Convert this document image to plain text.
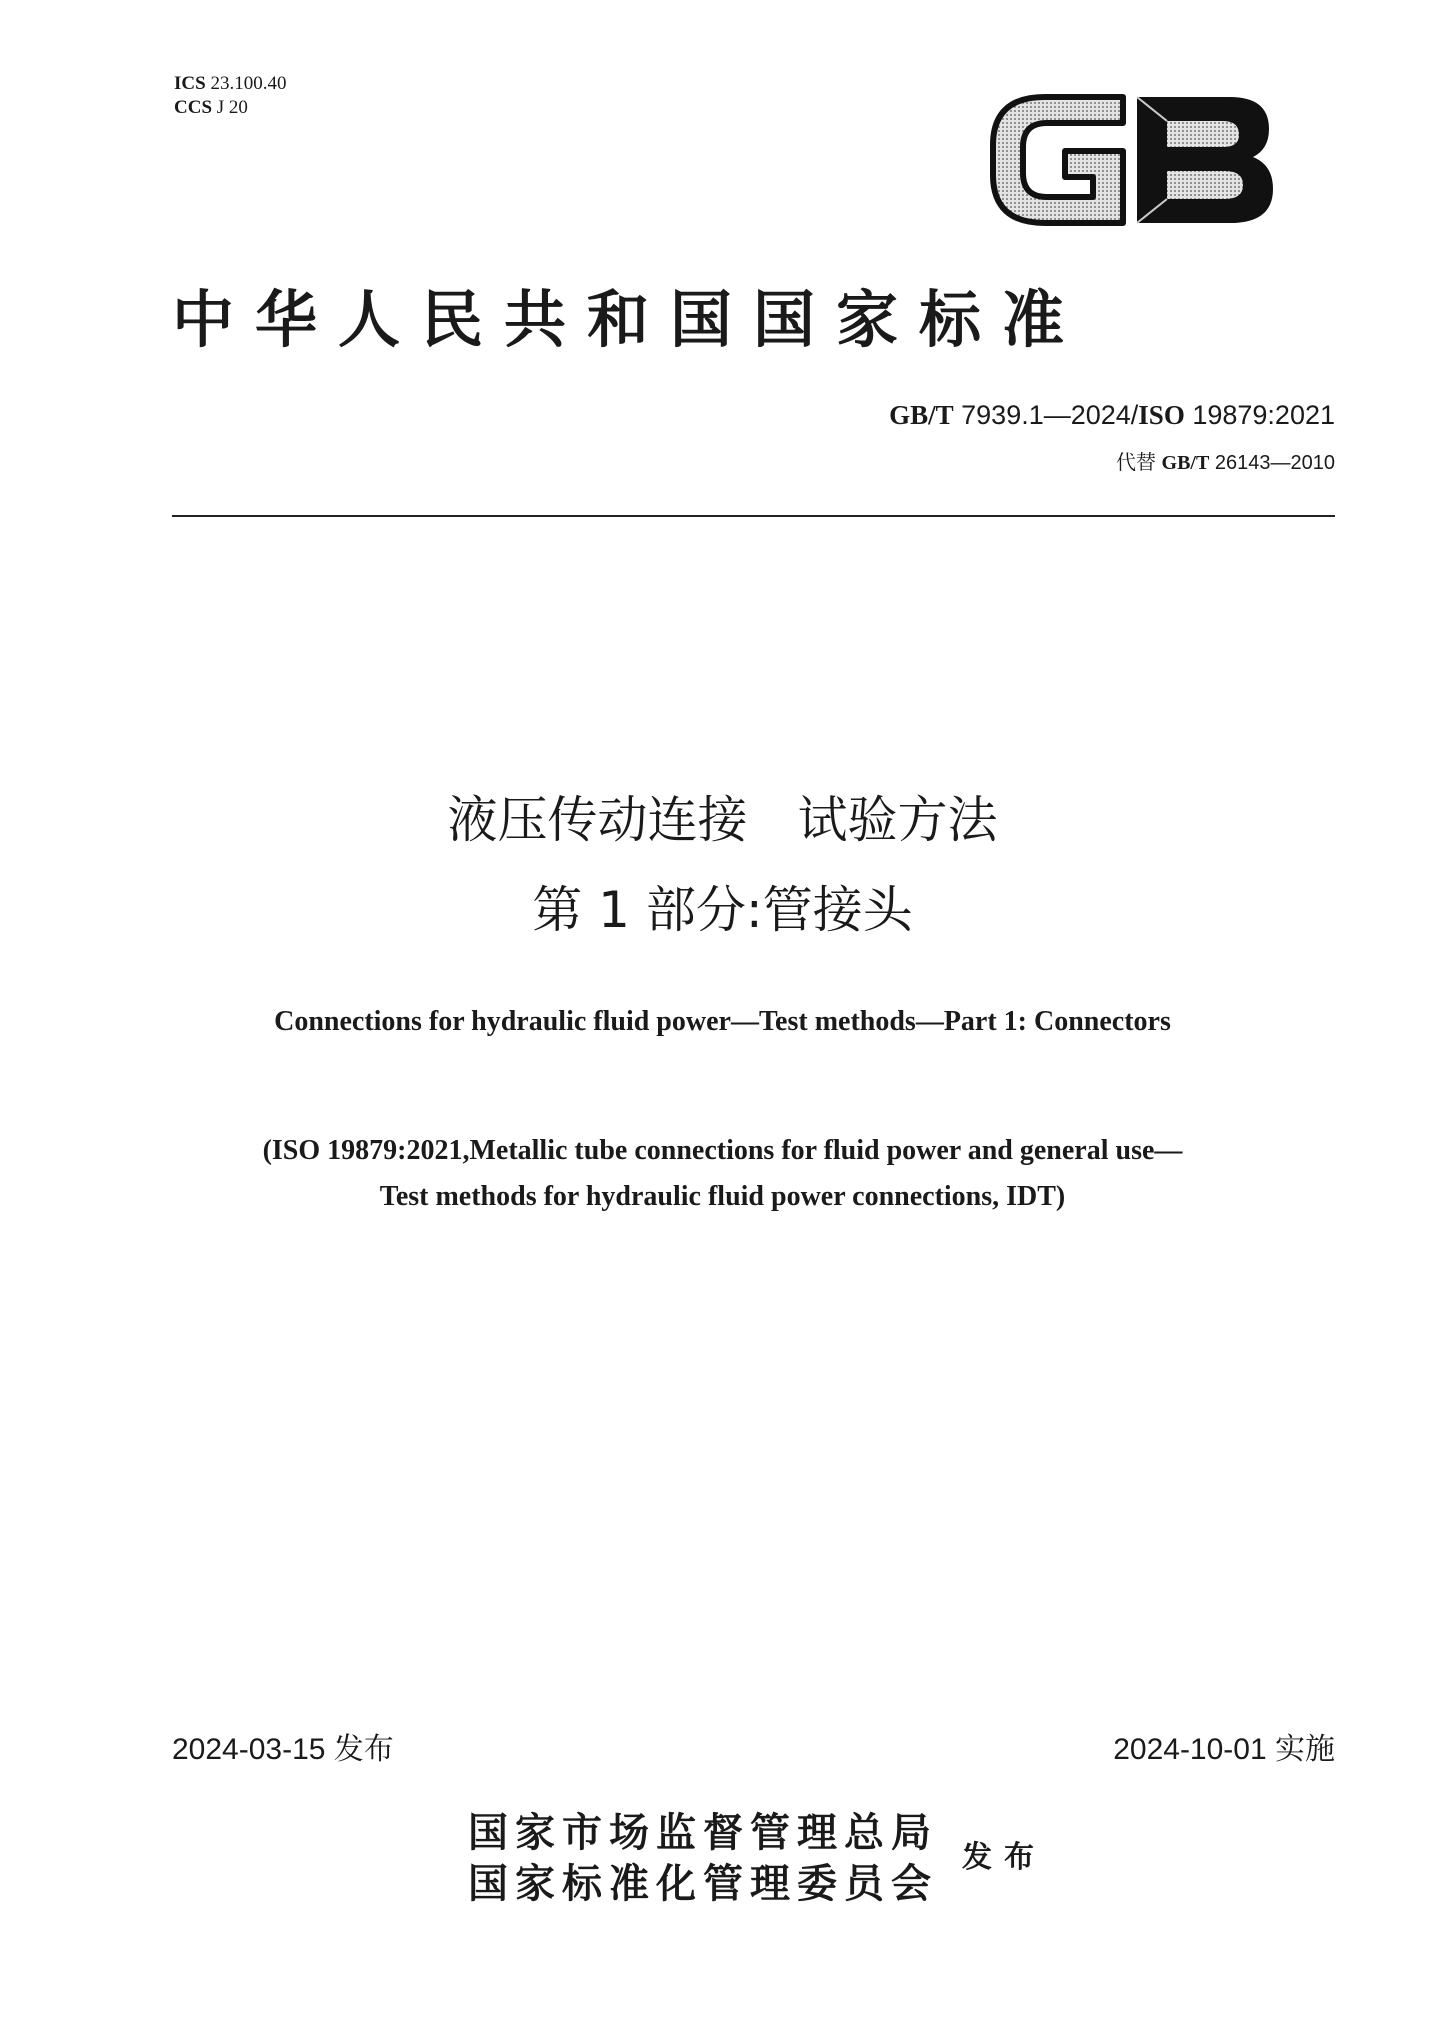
ICS 23.100.40
CCS J 20
中华人民共和国国家标准
GB/T 7939.1—2024/ISO 19879:2021
代替 GB/T 26143—2010
液压传动连接　试验方法
第 1 部分:管接头
Connections for hydraulic fluid power—Test methods—Part 1: Connectors
(ISO 19879:2021,Metallic tube connections for fluid power and general use—
Test methods for hydraulic fluid power connections, IDT)
2024-03-15 发布	2024-10-01 实施
国家市场监督管理总局
国家标准化管理委员会
发布
